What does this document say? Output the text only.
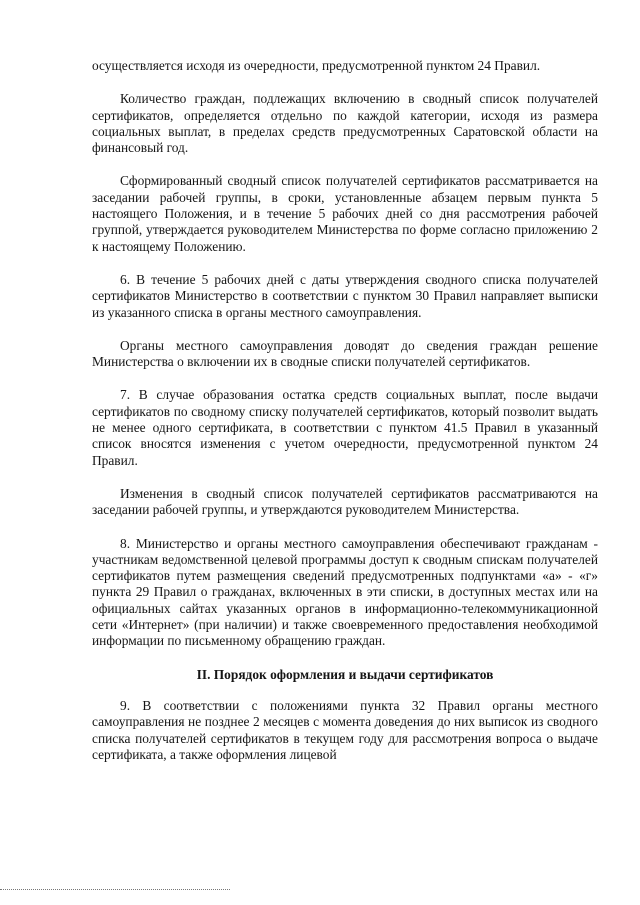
осуществляется исходя из очередности, предусмотренной пунктом 24 Правил.

Количество граждан, подлежащих включению в сводный список получателей сертификатов, определяется отдельно по каждой категории, исходя из размера социальных выплат, в пределах средств предусмотренных Саратовской области на финансовый год.

Сформированный сводный список получателей сертификатов рассматривается на заседании рабочей группы, в сроки, установленные абзацем первым пункта 5 настоящего Положения, и в течение 5 рабочих дней со дня рассмотрения рабочей группой, утверждается руководителем Министерства по форме согласно приложению 2 к настоящему Положению.

6. В течение 5 рабочих дней с даты утверждения сводного списка получателей сертификатов Министерство в соответствии с пунктом 30 Правил направляет выписки из указанного списка в органы местного самоуправления.

Органы местного самоуправления доводят до сведения граждан решение Министерства о включении их в сводные списки получателей сертификатов.

7. В случае образования остатка средств социальных выплат, после выдачи сертификатов по сводному списку получателей сертификатов, который позволит выдать не менее одного сертификата, в соответствии с пунктом 41.5 Правил в указанный список вносятся изменения с учетом очередности, предусмотренной пунктом 24 Правил.

Изменения в сводный список получателей сертификатов рассматриваются на заседании рабочей группы, и утверждаются руководителем Министерства.

8. Министерство и органы местного самоуправления обеспечивают гражданам - участникам ведомственной целевой программы доступ к сводным спискам получателей сертификатов путем размещения сведений предусмотренных подпунктами «а» - «г» пункта 29 Правил о гражданах, включенных в эти списки, в доступных местах или на официальных сайтах указанных органов в информационно-телекоммуникационной сети «Интернет» (при наличии) и также своевременного предоставления необходимой информации по письменному обращению граждан.

II. Порядок оформления и выдачи сертификатов

9. В соответствии с положениями пункта 32 Правил органы местного самоуправления не позднее 2 месяцев с момента доведения до них выписок из сводного списка получателей сертификатов в текущем году для рассмотрения вопроса о выдаче сертификата, а также оформления лицевой
